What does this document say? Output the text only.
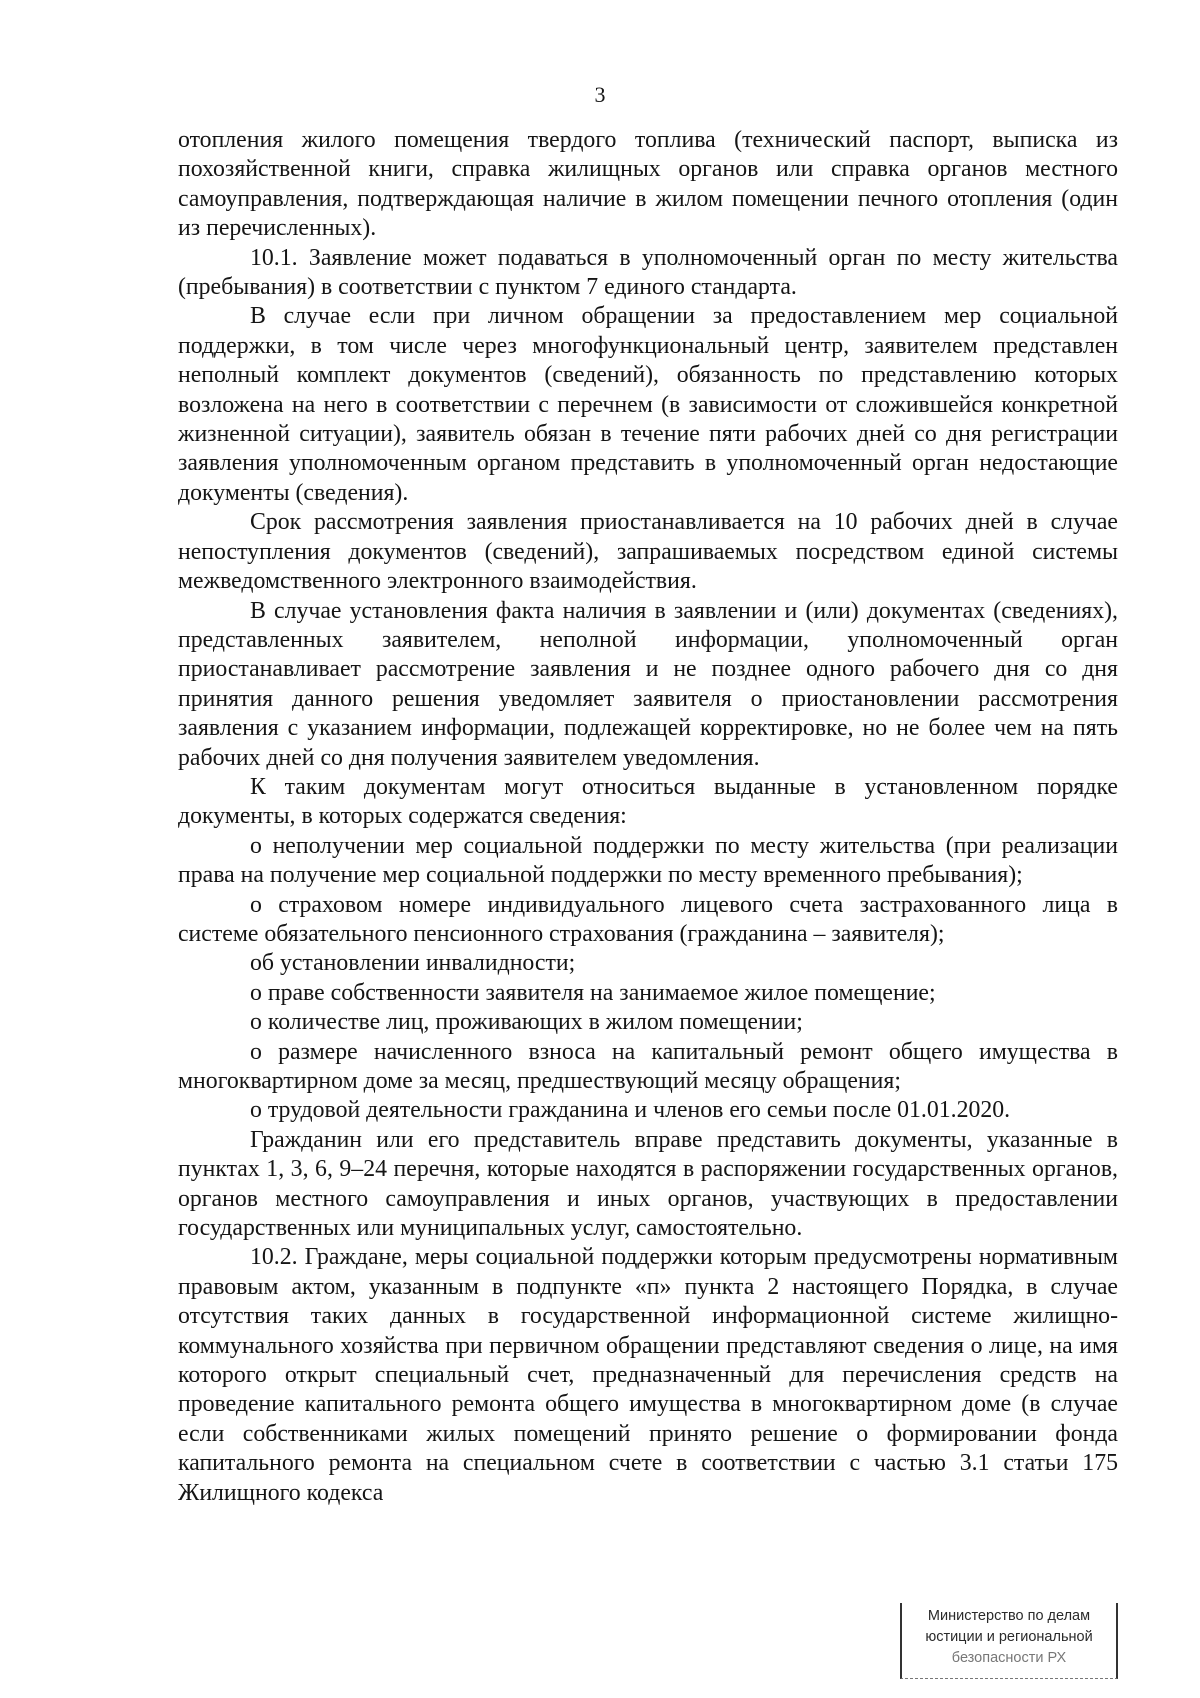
3

отопления жилого помещения твердого топлива (технический паспорт, выписка из похозяйственной книги, справка жилищных органов или справка органов местного самоуправления, подтверждающая наличие в жилом помещении печного отопления (один из перечисленных).

10.1. Заявление может подаваться в уполномоченный орган по месту жительства (пребывания) в соответствии с пунктом 7 единого стандарта.

В случае если при личном обращении за предоставлением мер социальной поддержки, в том числе через многофункциональный центр, заявителем представлен неполный комплект документов (сведений), обязанность по представлению которых возложена на него в соответствии с перечнем (в зависимости от сложившейся конкретной жизненной ситуации), заявитель обязан в течение пяти рабочих дней со дня регистрации заявления уполномоченным органом представить в уполномоченный орган недостающие документы (сведения).

Срок рассмотрения заявления приостанавливается на 10 рабочих дней в случае непоступления документов (сведений), запрашиваемых посредством единой системы межведомственного электронного взаимодействия.

В случае установления факта наличия в заявлении и (или) документах (сведениях), представленных заявителем, неполной информации, уполномоченный орган приостанавливает рассмотрение заявления и не позднее одного рабочего дня со дня принятия данного решения уведомляет заявителя о приостановлении рассмотрения заявления с указанием информации, подлежащей корректировке, но не более чем на пять рабочих дней со дня получения заявителем уведомления.

К таким документам могут относиться выданные в установленном порядке документы, в которых содержатся сведения:

о неполучении мер социальной поддержки по месту жительства (при реализации права на получение мер социальной поддержки по месту временного пребывания);

о страховом номере индивидуального лицевого счета застрахованного лица в системе обязательного пенсионного страхования (гражданина – заявителя);

об установлении инвалидности;

о праве собственности заявителя на занимаемое жилое помещение;

о количестве лиц, проживающих в жилом помещении;

о размере начисленного взноса на капитальный ремонт общего имущества в многоквартирном доме за месяц, предшествующий месяцу обращения;

о трудовой деятельности гражданина и членов его семьи после 01.01.2020.

Гражданин или его представитель вправе представить документы, указанные в пунктах 1, 3, 6, 9–24 перечня, которые находятся в распоряжении государственных органов, органов местного самоуправления и иных органов, участвующих в предоставлении государственных или муниципальных услуг, самостоятельно.

10.2. Граждане, меры социальной поддержки которым предусмотрены нормативным правовым актом, указанным в подпункте «п» пункта 2 настоящего Порядка, в случае отсутствия таких данных в государственной информационной системе жилищно-коммунального хозяйства при первичном обращении представляют сведения о лице, на имя которого открыт специальный счет, предназначенный для перечисления средств на проведение капитального ремонта общего имущества в многоквартирном доме (в случае если собственниками жилых помещений принято решение о формировании фонда капитального ремонта на специальном счете в соответствии с частью 3.1 статьи 175 Жилищного кодекса

Министерство по делам
юстиции и региональной
безопасности РХ
